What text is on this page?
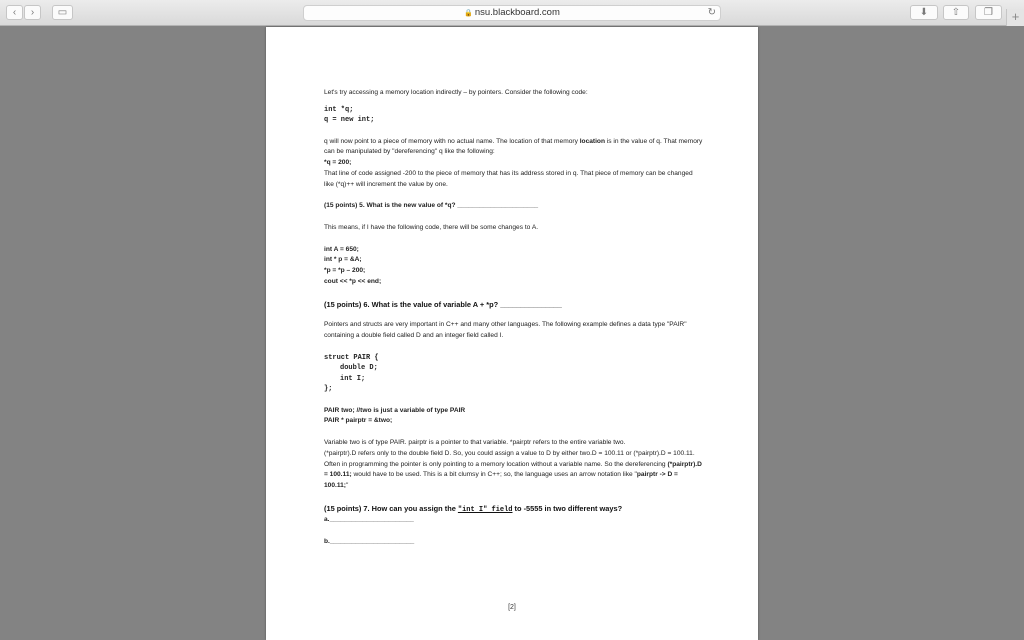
‹	›	▭	🔒 nsu.blackboard.com	↻	⬇	⇧	❐	+

Let's try accessing a memory location indirectly – by pointers. Consider the following code:

int *q;
q = new int;

q will now point to a piece of memory with no actual name. The location of that memory location is in the value of q. That memory can be manipulated by "dereferencing" q like the following:

*q = 200;

That line of code assigned -200 to the piece of memory that has its address stored in q. That piece of memory can be changed like (*q)++ will increment the value by one.

(15 points) 5. What is the new value of *q? ______________________

This means, if I have the following code, there will be some changes to A.

int A = 650;
int * p = &A;
*p = *p – 200;
cout << *p << end;

(15 points) 6. What is the value of variable A + *p? _______________

Pointers and structs are very important in C++ and many other languages. The following example defines a data type "PAIR" containing a double field called D and an integer field called I.

struct PAIR {
double D;
int I;
};
PAIR two; //two is just a variable of type PAIR
PAIR * pairptr = &two;

Variable two is of type PAIR. pairptr is a pointer to that variable. *pairptr refers to the entire variable two.

(*pairptr).D refers only to the double field D. So, you could assign a value to D by either two.D = 100.11 or (*pairptr).D = 100.11. Often in programming the pointer is only pointing to a memory location without a variable name. So the dereferencing (*pairptr).D = 100.11; would have to be used. This is a bit clumsy in C++; so, the language uses an arrow notation like "pairptr -> D = 100.11;"

(15 points) 7. How can you assign the "int I" field to -5555 in two different ways?

a._______________________

b._______________________

[2]
